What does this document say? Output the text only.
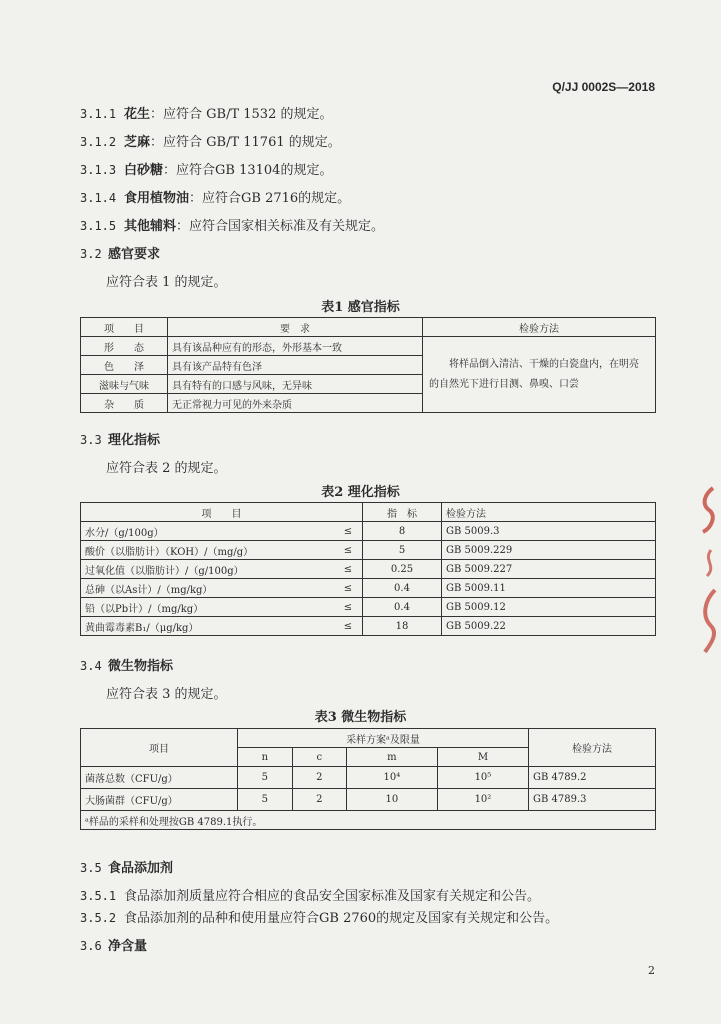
Q/JJ 0002S—2018
3.1.1 花生：应符合 GB/T 1532 的规定。
3.1.2 芝麻：应符合 GB/T 11761 的规定。
3.1.3 白砂糖：应符合GB 13104的规定。
3.1.4 食用植物油：应符合GB 2716的规定。
3.1.5 其他辅料：应符合国家相关标准及有关规定。
3.2 感官要求
应符合表 1 的规定。
表1 感官指标
项　　目	要　求	检验方法
形　　态	具有该品种应有的形态，外形基本一致	将样品倒入清洁、干燥的白瓷盘内，在明亮
的自然光下进行目测、鼻嗅、口尝

色　　泽	具有该产品特有色泽	
滋味与气味	具有特有的口感与风味，无异味	
杂　　质	无正常视力可见的外来杂质	
3.3 理化指标
应符合表 2 的规定。
表2 理化指标
项　　目		指　标	检验方法
水分/（g/100g）	≤	8	GB 5009.3
酸价（以脂肪计）（KOH）/（mg/g）	≤	5	GB 5009.229
过氧化值（以脂肪计）/（g/100g）	≤	0.25	GB 5009.227
总砷（以As计）/（mg/kg）	≤	0.4	GB 5009.11
铅（以Pb计）/（mg/kg）	≤	0.4	GB 5009.12
黄曲霉毒素B₁/（μg/kg）	≤	18	GB 5009.22
3.4 微生物指标
应符合表 3 的规定。
表3 微生物指标
项目	采样方案ᵃ及限量				检验方法
	n	c	m	M	
菌落总数（CFU/g）	5	2	10⁴	10⁵	GB 4789.2
大肠菌群（CFU/g）	5	2	10	10²	GB 4789.3
ᵃ样品的采样和处理按GB 4789.1执行。					
3.5 食品添加剂
3.5.1 食品添加剂质量应符合相应的食品安全国家标准及国家有关规定和公告。
3.5.2 食品添加剂的品种和使用量应符合GB 2760的规定及国家有关规定和公告。
3.6 净含量
2
